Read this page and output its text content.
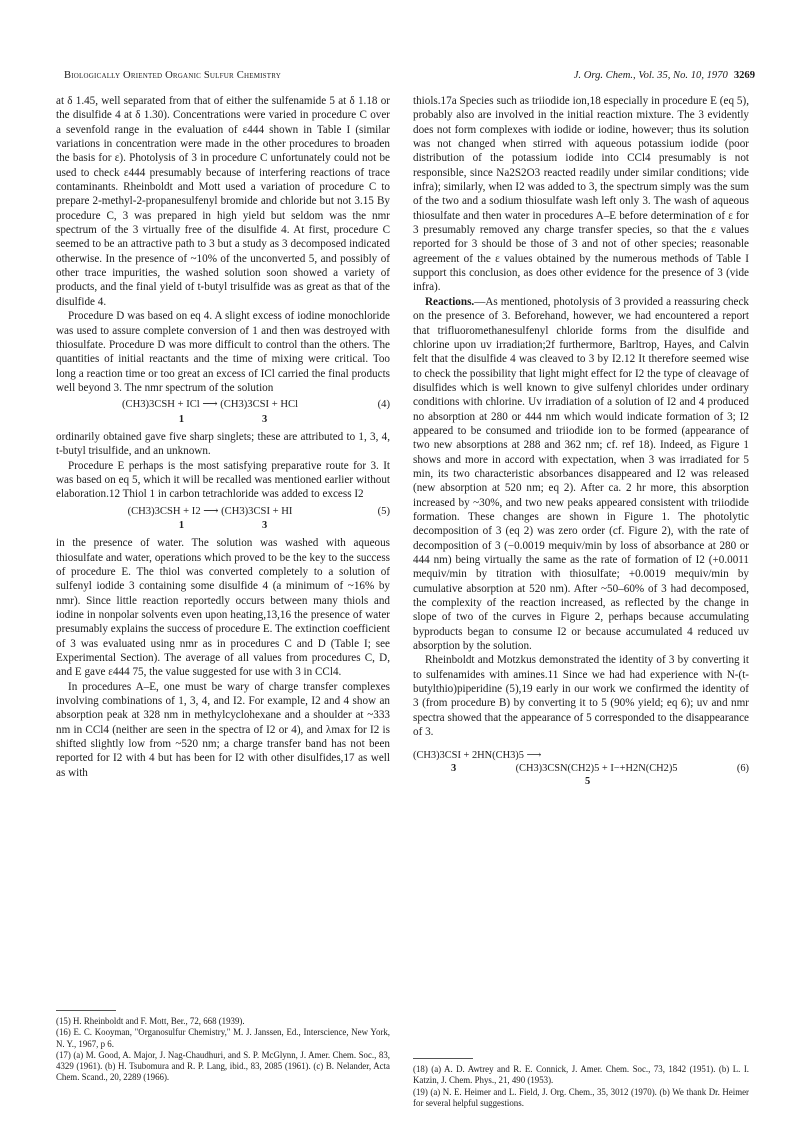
Biologically Oriented Organic Sulfur Chemistry	J. Org. Chem., Vol. 35, No. 10, 1970 3269

at δ 1.45, well separated from that of either the sulfenamide 5 at δ 1.18 or the disulfide 4 at δ 1.30). Concentrations were varied in procedure C over a sevenfold range in the evaluation of ε444 shown in Table I (similar variations in concentration were made in the other procedures to broaden the basis for ε). Photolysis of 3 in procedure C unfortunately could not be used to check ε444 presumably because of interfering reactions of trace contaminants. Rheinboldt and Mott used a variation of procedure C to prepare 2-methyl-2-propanesulfenyl bromide and chloride but not 3.15 By procedure C, 3 was prepared in high yield but seldom was the nmr spectrum of the 3 virtually free of the disulfide 4. At first, procedure C seemed to be an attractive path to 3 but a study as 3 decomposed indicated otherwise. In the presence of ~10% of the unconverted 5, and possibly of other trace impurities, the washed solution soon showed a variety of products, and the final yield of t-butyl trisulfide was as great as that of the disulfide 4.

Procedure D was based on eq 4. A slight excess of iodine monochloride was used to assure complete conversion of 1 and then was destroyed with thiosulfate. Procedure D was more difficult to control than the others. The quantities of initial reactants and the time of mixing were critical. Too long a reaction time or too great an excess of ICl carried the final products well beyond 3. The nmr spectrum of the solution

(CH3)3CSH + ICl ⟶ (CH3)3CSI + HCl	(4)
1                              3

ordinarily obtained gave five sharp singlets; these are attributed to 1, 3, 4, t-butyl trisulfide, and an unknown.

Procedure E perhaps is the most satisfying preparative route for 3. It was based on eq 5, which it will be recalled was mentioned earlier without elaboration.12 Thiol 1 in carbon tetrachloride was added to excess I2

(CH3)3CSH + I2 ⟶ (CH3)3CSI + HI	(5)
1                              3

in the presence of water. The solution was washed with aqueous thiosulfate and water, operations which proved to be the key to the success of procedure E. The thiol was converted completely to a solution of sulfenyl iodide 3 containing some disulfide 4 (a minimum of ~16% by nmr). Since little reaction reportedly occurs between many thiols and iodine in nonpolar solvents even upon heating,13,16 the presence of water presumably explains the success of procedure E. The extinction coefficient of 3 was evaluated using nmr as in procedures C and D (Table I; see Experimental Section). The average of all values from procedures C, D, and E gave ε444 75, the value suggested for use with 3 in CCl4.

In procedures A–E, one must be wary of charge transfer complexes involving combinations of 1, 3, 4, and I2. For example, I2 and 4 show an absorption peak at 328 nm in methylcyclohexane and a shoulder at ~333 nm in CCl4 (neither are seen in the spectra of I2 or 4), and λmax for I2 is shifted slightly low from ~520 nm; a charge transfer band has not been reported for I2 with 4 but has been for I2 with other disulfides,17 as well as with

thiols.17a Species such as triiodide ion,18 especially in procedure E (eq 5), probably also are involved in the initial reaction mixture. The 3 evidently does not form complexes with iodide or iodine, however; thus its solution was not changed when stirred with aqueous potassium iodide (poor distribution of the potassium iodide into CCl4 presumably is not responsible, since Na2S2O3 reacted readily under similar conditions; vide infra); similarly, when I2 was added to 3, the spectrum simply was the sum of the two and a sodium thiosulfate wash left only 3. The wash of aqueous thiosulfate and then water in procedures A–E before determination of ε for 3 presumably removed any charge transfer species, so that the ε values reported for 3 should be those of 3 and not of other species; reasonable agreement of the ε values obtained by the numerous methods of Table I support this conclusion, as does other evidence for the presence of 3 (vide infra).

Reactions.—As mentioned, photolysis of 3 provided a reassuring check on the presence of 3. Beforehand, however, we had encountered a report that trifluoromethanesulfenyl chloride forms from the disulfide and chlorine upon uv irradiation;2f furthermore, Barltrop, Hayes, and Calvin felt that the disulfide 4 was cleaved to 3 by I2.12 It therefore seemed wise to check the possibility that light might effect for I2 the type of cleavage of disulfides which is well known to give sulfenyl chlorides under ordinary conditions with chlorine. Uv irradiation of a solution of I2 and 4 produced no absorption at 280 or 444 nm which would indicate formation of 3; I2 appeared to be consumed and triiodide ion to be formed (appearance of two new absorptions at 288 and 362 nm; cf. ref 18). Indeed, as Figure 1 shows and more in accord with expectation, when 3 was irradiated for 5 min, its two characteristic absorbances disappeared and I2 was released (new absorption at 520 nm; eq 2). After ca. 2 hr more, this absorption increased by ~30%, and two new peaks appeared consistent with triiodide formation. These changes are shown in Figure 1. The photolytic decomposition of 3 (eq 2) was zero order (cf. Figure 2), with the rate of decomposition of 3 (−0.0019 mequiv/min by loss of absorbance at 280 or 444 nm) being virtually the same as the rate of formation of I2 (+0.0011 mequiv/min by titration with thiosulfate; +0.0019 mequiv/min by cumulative absorption at 520 nm). After ~50–60% of 3 had decomposed, the complexity of the reaction increased, as reflected by the change in slope of two of the curves in Figure 2, perhaps because accumulating byproducts began to consume I2 or because accumulated 4 reduced uv absorption by the solution.

Rheinboldt and Motzkus demonstrated the identity of 3 by converting it to sulfenamides with amines.11 Since we had had experience with N-(t-butylthio)piperidine (5),19 early in our work we confirmed the identity of 3 (from procedure B) by converting it to 5 (90% yield; eq 6); uv and nmr spectra showed that the appearance of 5 corresponded to the disappearance of 3.

(CH3)3CSI + 2HN(CH3)5 ⟶
3	(CH3)3CSN(CH2)5 + I−+H2N(CH2)5	(6)
5
(15) H. Rheinboldt and F. Mott, Ber., 72, 668 (1939).
(16) E. C. Kooyman, "Organosulfur Chemistry," M. J. Janssen, Ed., Interscience, New York, N. Y., 1967, p 6.
(17) (a) M. Good, A. Major, J. Nag-Chaudhuri, and S. P. McGlynn, J. Amer. Chem. Soc., 83, 4329 (1961). (b) H. Tsubomura and R. P. Lang, ibid., 83, 2085 (1961). (c) B. Nelander, Acta Chem. Scand., 20, 2289 (1966).
(18) (a) A. D. Awtrey and R. E. Connick, J. Amer. Chem. Soc., 73, 1842 (1951). (b) L. I. Katzin, J. Chem. Phys., 21, 490 (1953).
(19) (a) N. E. Heimer and L. Field, J. Org. Chem., 35, 3012 (1970). (b) We thank Dr. Heimer for several helpful suggestions.
